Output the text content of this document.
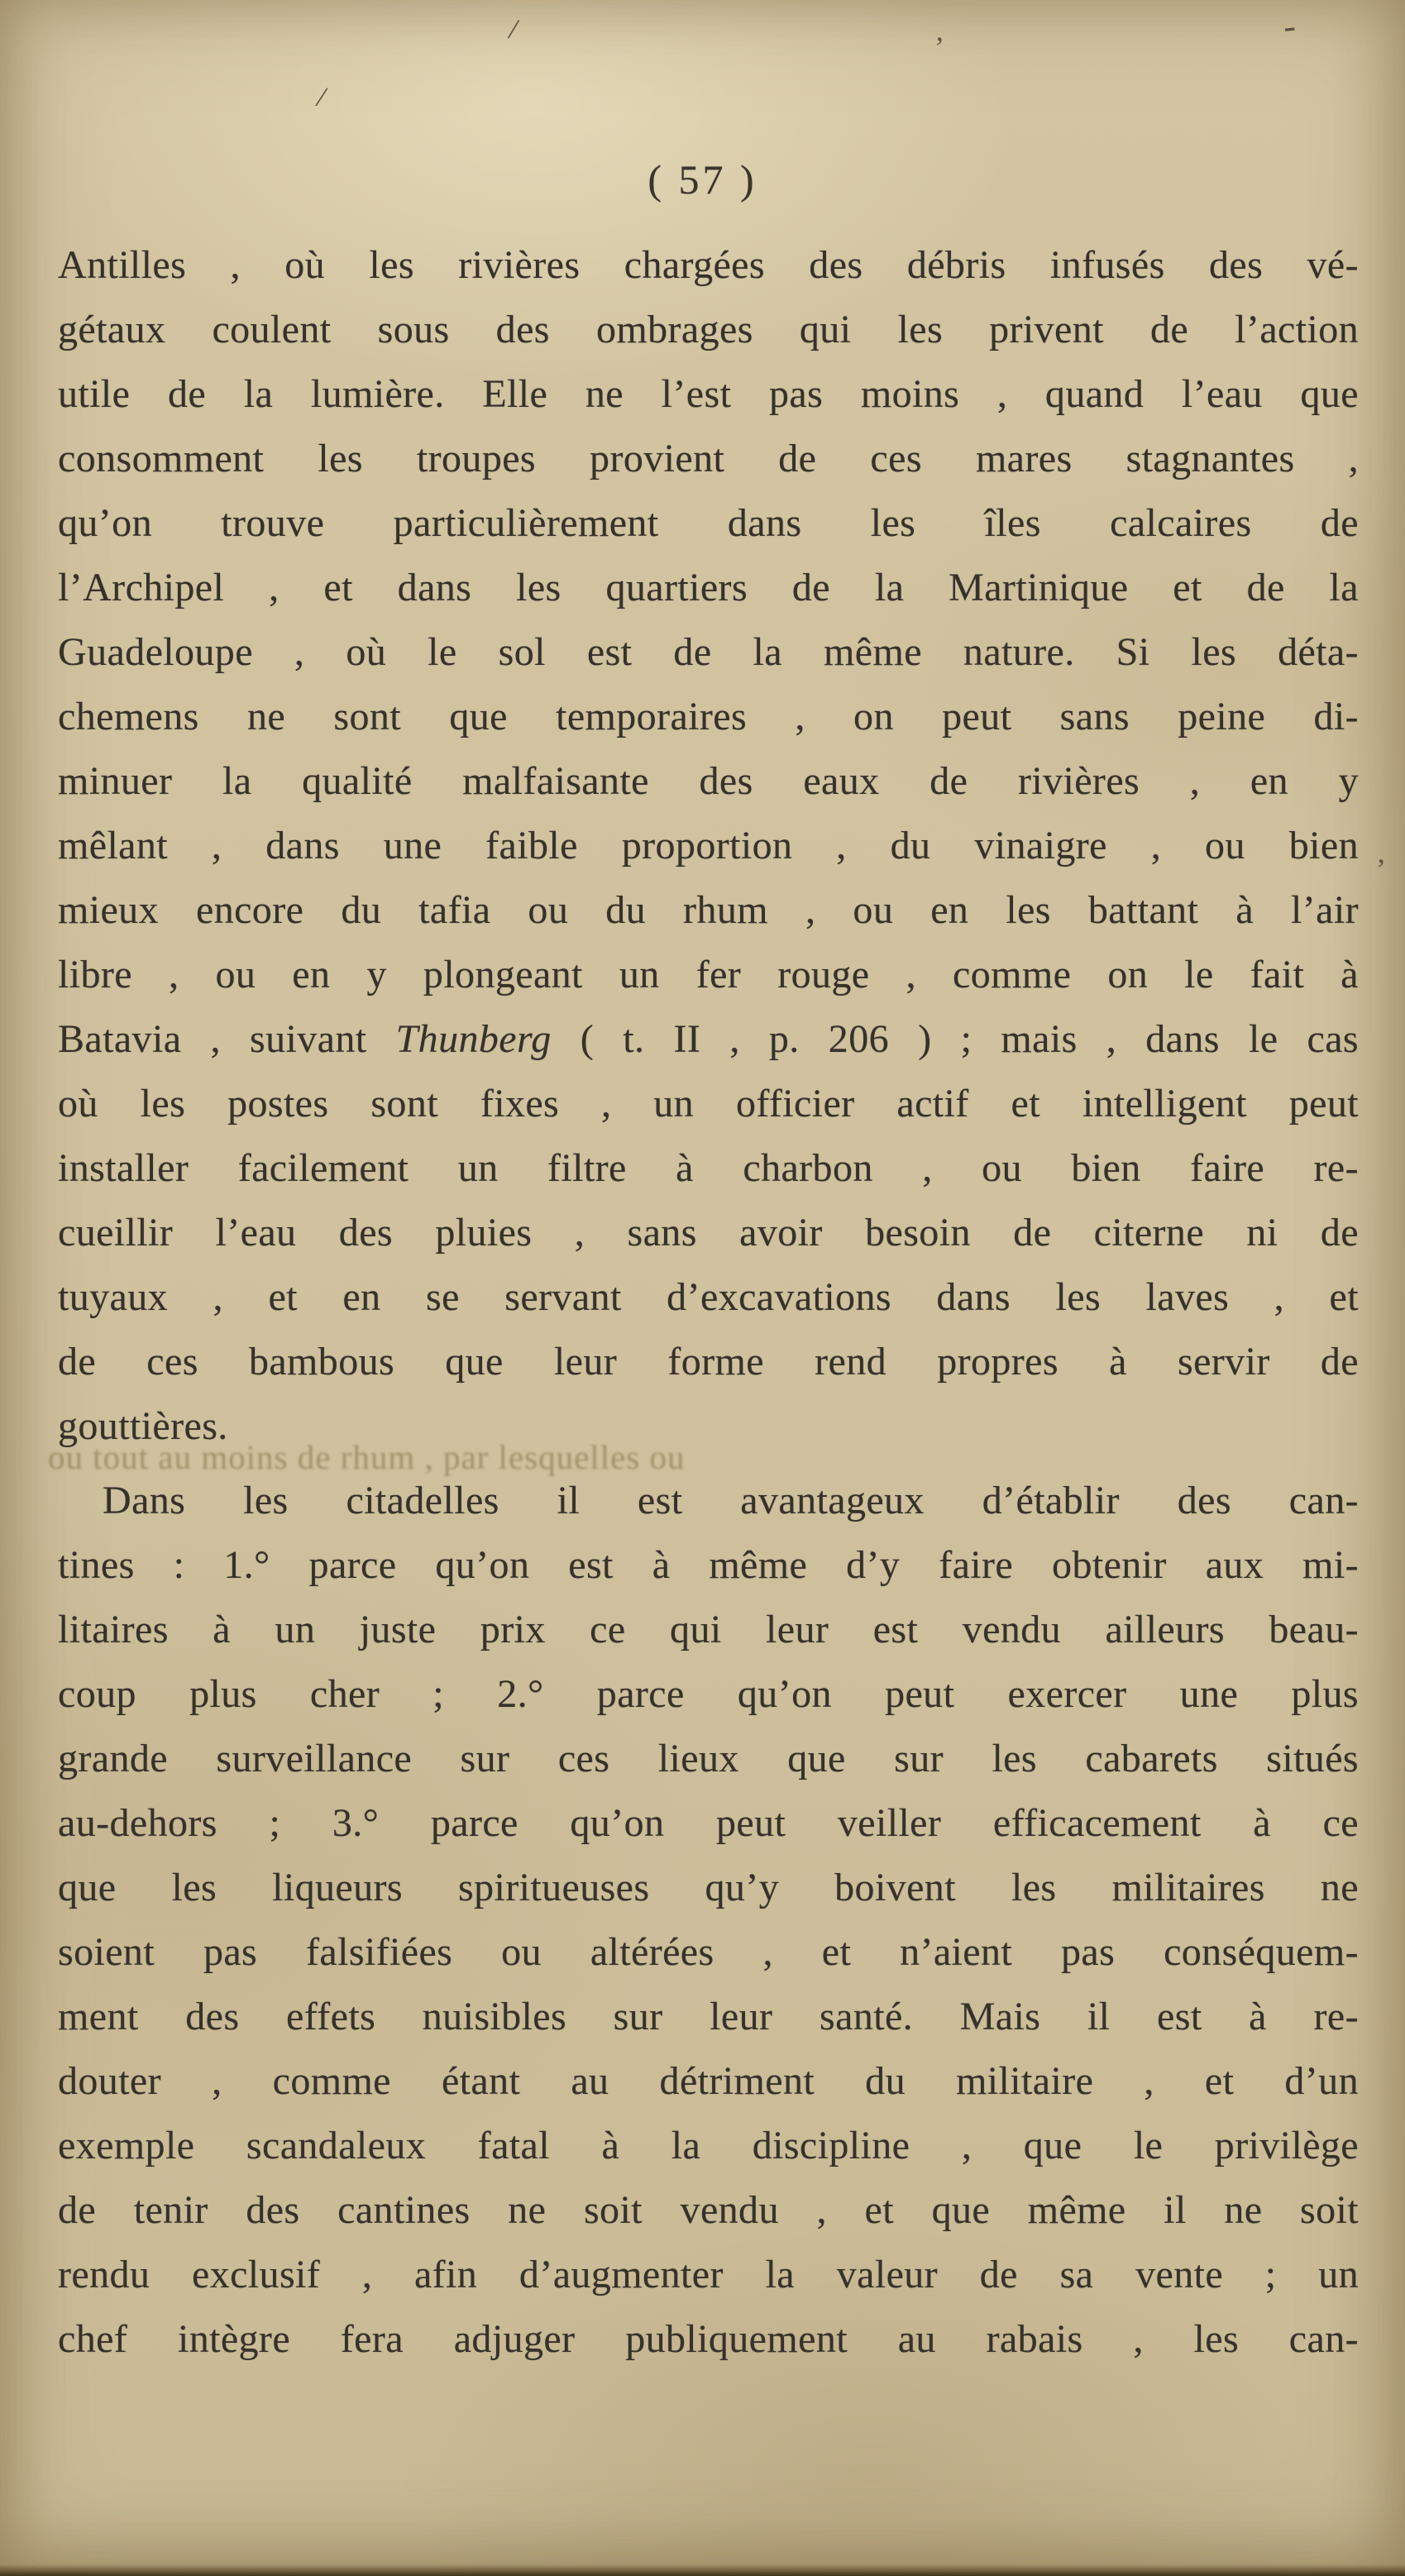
/
’
-
/
’
ou tout au moins de rhum , par lesquelles ou
( 57 )
Antilles , où les rivières chargées des débris infusés des vé-
gétaux coulent sous des ombrages qui les privent de l’action
utile de la lumière. Elle ne l’est pas moins , quand l’eau que
consomment les troupes provient de ces mares stagnantes ,
qu’on trouve particulièrement dans les îles calcaires de
l’Archipel , et dans les quartiers de la Martinique et de la
Guadeloupe , où le sol est de la même nature. Si les déta-
chemens ne sont que temporaires , on peut sans peine di-
minuer la qualité malfaisante des eaux de rivières , en y
mêlant , dans une faible proportion , du vinaigre , ou bien
mieux encore du tafia ou du rhum , ou en les battant à l’air
libre , ou en y plongeant un fer rouge , comme on le fait à
Batavia , suivant Thunberg ( t. II , p. 206 ) ; mais , dans le cas
où les postes sont fixes , un officier actif et intelligent peut
installer facilement un filtre à charbon , ou bien faire re-
cueillir l’eau des pluies , sans avoir besoin de citerne ni de
tuyaux , et en se servant d’excavations dans les laves , et
de ces bambous que leur forme rend propres à servir de
gouttières.
Dans les citadelles il est avantageux d’établir des can-
tines : 1.° parce qu’on est à même d’y faire obtenir aux mi-
litaires à un juste prix ce qui leur est vendu ailleurs beau-
coup plus cher ; 2.° parce qu’on peut exercer une plus
grande surveillance sur ces lieux que sur les cabarets situés
au-dehors ; 3.° parce qu’on peut veiller efficacement à ce
que les liqueurs spiritueuses qu’y boivent les militaires ne
soient pas falsifiées ou altérées , et n’aient pas conséquem-
ment des effets nuisibles sur leur santé. Mais il est à re-
douter , comme étant au détriment du militaire , et d’un
exemple scandaleux fatal à la discipline , que le privilège
de tenir des cantines ne soit vendu , et que même il ne soit
rendu exclusif , afin d’augmenter la valeur de sa vente ; un
chef intègre fera adjuger publiquement au rabais , les can-
